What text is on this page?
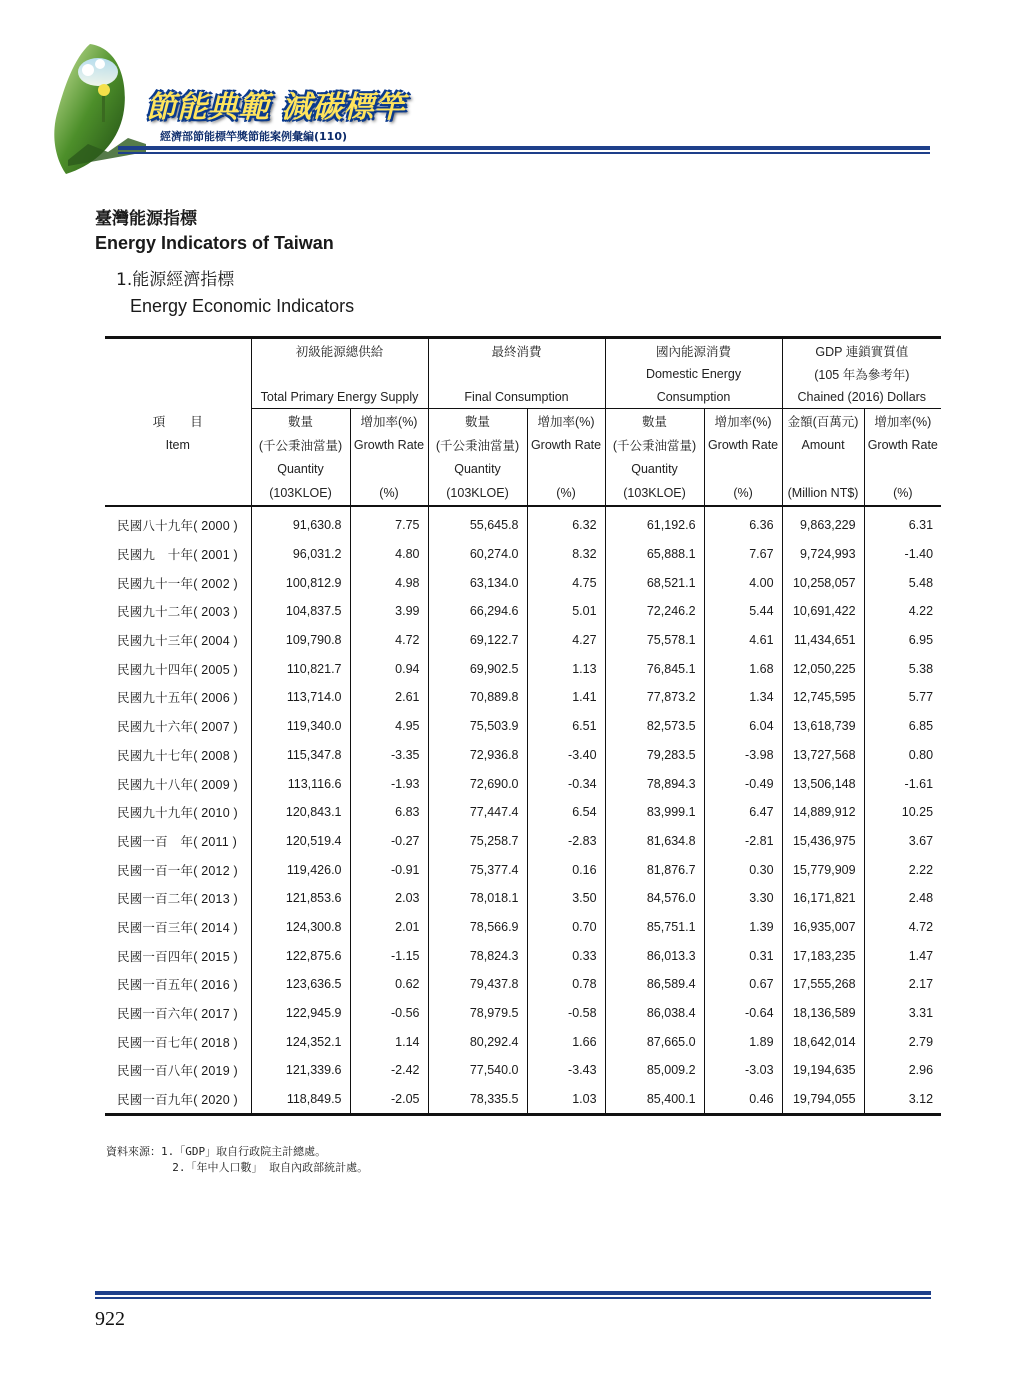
節能典範 減碳標竿
經濟部節能標竿獎節能案例彙編(110)
臺灣能源指標
Energy Indicators of Taiwan
1.能源經濟指標
Energy Economic Indicators
	初級能源總供給		最終消費		國內能源消費		GDP 連鎖實質值	
					Domestic Energy		(105 年為參考年)	
	Total Primary Energy Supply		Final Consumption		Consumption		Chained (2016) Dollars	
項　　目	數量	增加率(%)	數量	增加率(%)	數量	增加率(%)	金額(百萬元)	增加率(%)
Item	(千公秉油當量)	Growth Rate	(千公秉油當量)	Growth Rate	(千公秉油當量)	Growth Rate	Amount	Growth Rate
	Quantity		Quantity		Quantity			
	(103KLOE)	(%)	(103KLOE)	(%)	(103KLOE)	(%)	(Million NT$)	(%)
民國八十九年( 2000 )	91,630.8	7.75	55,645.8	6.32	61,192.6	6.36	9,863,229	6.31
民國九　十年( 2001 )	96,031.2	4.80	60,274.0	8.32	65,888.1	7.67	9,724,993	-1.40
民國九十一年( 2002 )	100,812.9	4.98	63,134.0	4.75	68,521.1	4.00	10,258,057	5.48
民國九十二年( 2003 )	104,837.5	3.99	66,294.6	5.01	72,246.2	5.44	10,691,422	4.22
民國九十三年( 2004 )	109,790.8	4.72	69,122.7	4.27	75,578.1	4.61	11,434,651	6.95
民國九十四年( 2005 )	110,821.7	0.94	69,902.5	1.13	76,845.1	1.68	12,050,225	5.38
民國九十五年( 2006 )	113,714.0	2.61	70,889.8	1.41	77,873.2	1.34	12,745,595	5.77
民國九十六年( 2007 )	119,340.0	4.95	75,503.9	6.51	82,573.5	6.04	13,618,739	6.85
民國九十七年( 2008 )	115,347.8	-3.35	72,936.8	-3.40	79,283.5	-3.98	13,727,568	0.80
民國九十八年( 2009 )	113,116.6	-1.93	72,690.0	-0.34	78,894.3	-0.49	13,506,148	-1.61
民國九十九年( 2010 )	120,843.1	6.83	77,447.4	6.54	83,999.1	6.47	14,889,912	10.25
民國一百　年( 2011 )	120,519.4	-0.27	75,258.7	-2.83	81,634.8	-2.81	15,436,975	3.67
民國一百一年( 2012 )	119,426.0	-0.91	75,377.4	0.16	81,876.7	0.30	15,779,909	2.22
民國一百二年( 2013 )	121,853.6	2.03	78,018.1	3.50	84,576.0	3.30	16,171,821	2.48
民國一百三年( 2014 )	124,300.8	2.01	78,566.9	0.70	85,751.1	1.39	16,935,007	4.72
民國一百四年( 2015 )	122,875.6	-1.15	78,824.3	0.33	86,013.3	0.31	17,183,235	1.47
民國一百五年( 2016 )	123,636.5	0.62	79,437.8	0.78	86,589.4	0.67	17,555,268	2.17
民國一百六年( 2017 )	122,945.9	-0.56	78,979.5	-0.58	86,038.4	-0.64	18,136,589	3.31
民國一百七年( 2018 )	124,352.1	1.14	80,292.4	1.66	87,665.0	1.89	18,642,014	2.79
民國一百八年( 2019 )	121,339.6	-2.42	77,540.0	-3.43	85,009.2	-3.03	19,194,635	2.96
民國一百九年( 2020 )	118,849.5	-2.05	78,335.5	1.03	85,400.1	0.46	19,794,055	3.12
資料來源：1.「GDP」取自行政院主計總處。
2.「年中人口數」 取自內政部統計處。
922
